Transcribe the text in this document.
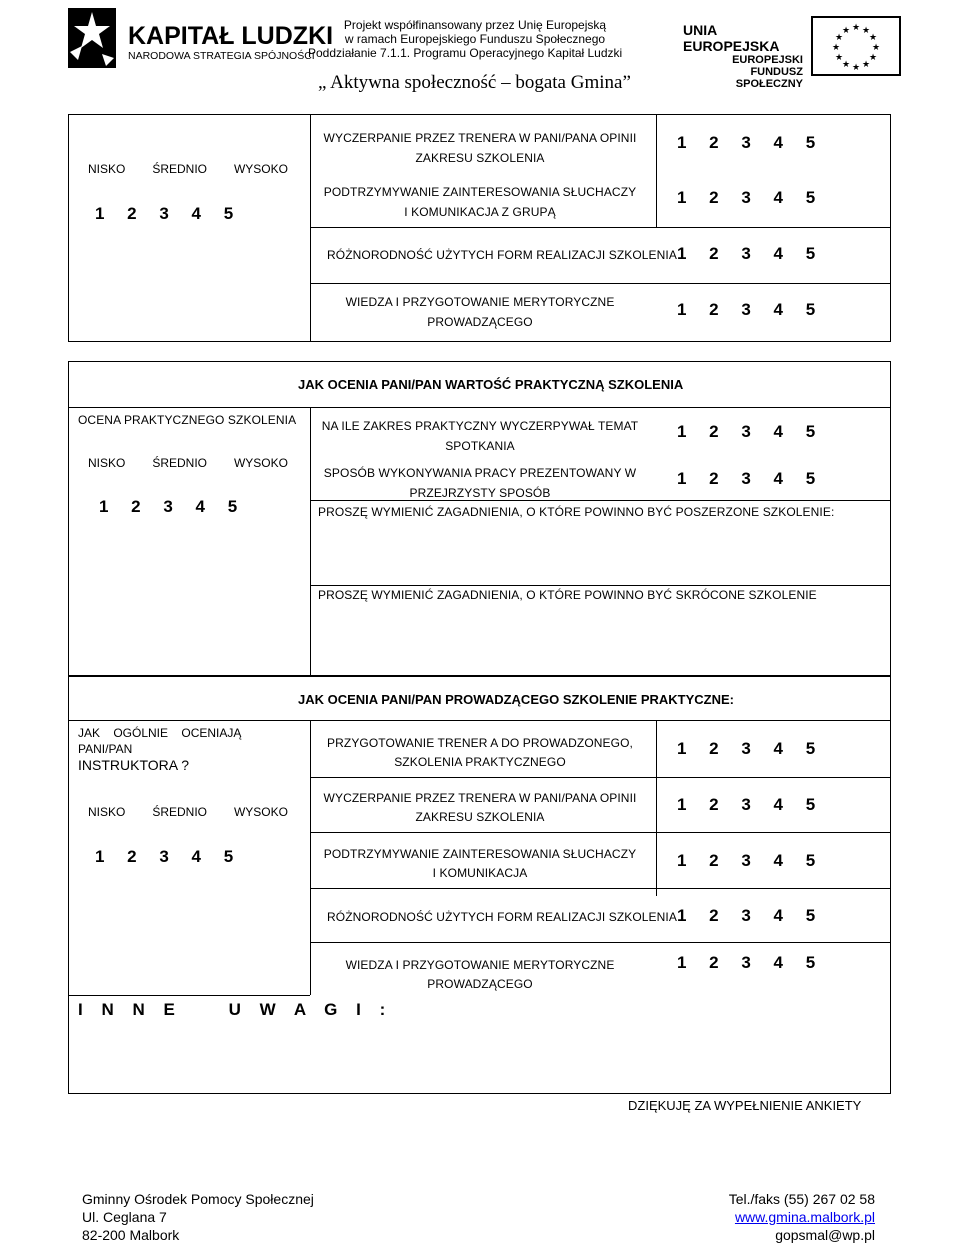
KAPITAŁ LUDZKI
NARODOWA STRATEGIA SPÓJNOŚCI
Projekt współfinansowany przez Unię Europejską
w ramach Europejskiego Funduszu Społecznego
Poddziałanie 7.1.1. Programu Operacyjnego Kapitał Ludzki
UNIA EUROPEJSKA
EUROPEJSKI
FUNDUSZ SPOŁECZNY
★ ★
★
★
★
★
★
★
★
★
★
★
„ Aktywna społeczność – bogata Gmina”
NISKO ŚREDNIO WYSOKO
1 2 3 4 5
WYCZERPANIE PRZEZ TRENERA W PANI/PANA OPINII
ZAKRESU SZKOLENIA
1 2 3 4 5
PODTRZYMYWANIE ZAINTERESOWANIA SŁUCHACZY
I KOMUNIKACJA Z GRUPĄ
1 2 3 4 5
RÓŻNORODNOŚĆ UŻYTYCH FORM REALIZACJI SZKOLENIA 1 2 3 4 5
WIEDZA I PRZYGOTOWANIE MERYTORYCZNE
PROWADZĄCEGO
1 2 3 4 5
JAK OCENIA PANI/PAN WARTOŚĆ PRAKTYCZNĄ SZKOLENIA
OCENA PRAKTYCZNEGO SZKOLENIA
NISKO ŚREDNIO WYSOKO
1 2 3 4 5
NA ILE ZAKRES PRAKTYCZNY WYCZERPYWAŁ TEMAT
SPOTKANIA
1 2 3 4 5
SPOSÓB WYKONYWANIA PRACY PREZENTOWANY W
PRZEJRZYSTY SPOSÓB
1 2 3 4 5
PROSZĘ WYMIENIĆ ZAGADNIENIA, O KTÓRE POWINNO BYĆ POSZERZONE SZKOLENIE:
PROSZĘ WYMIENIĆ ZAGADNIENIA, O KTÓRE POWINNO BYĆ SKRÓCONE SZKOLENIE
JAK OCENIA PANI/PAN PROWADZĄCEGO SZKOLENIE PRAKTYCZNE:
JAK OGÓLNIE OCENIAJĄ PANI/PAN
INSTRUKTORA ?
NISKO ŚREDNIO WYSOKO
1 2 3 4 5
PRZYGOTOWANIE TRENER A DO PROWADZONEGO,
SZKOLENIA PRAKTYCZNEGO
1 2 3 4 5
WYCZERPANIE PRZEZ TRENERA W PANI/PANA OPINII
ZAKRESU SZKOLENIA
1 2 3 4 5
PODTRZYMYWANIE ZAINTERESOWANIA SŁUCHACZY
I KOMUNIKACJA
1 2 3 4 5
RÓŻNORODNOŚĆ UŻYTYCH FORM REALIZACJI SZKOLENIA 1 2 3 4 5
WIEDZA I PRZYGOTOWANIE MERYTORYCZNE
PROWADZĄCEGO
1 2 3 4 5
I N N E    U W A G I :
DZIĘKUJĘ ZA WYPEŁNIENIE ANKIETY
Gminny Ośrodek Pomocy Społecznej
Ul. Ceglana 7
82-200 Malbork
Tel./faks (55) 267 02 58
www.gmina.malbork.pl
gopsmal@wp.pl
